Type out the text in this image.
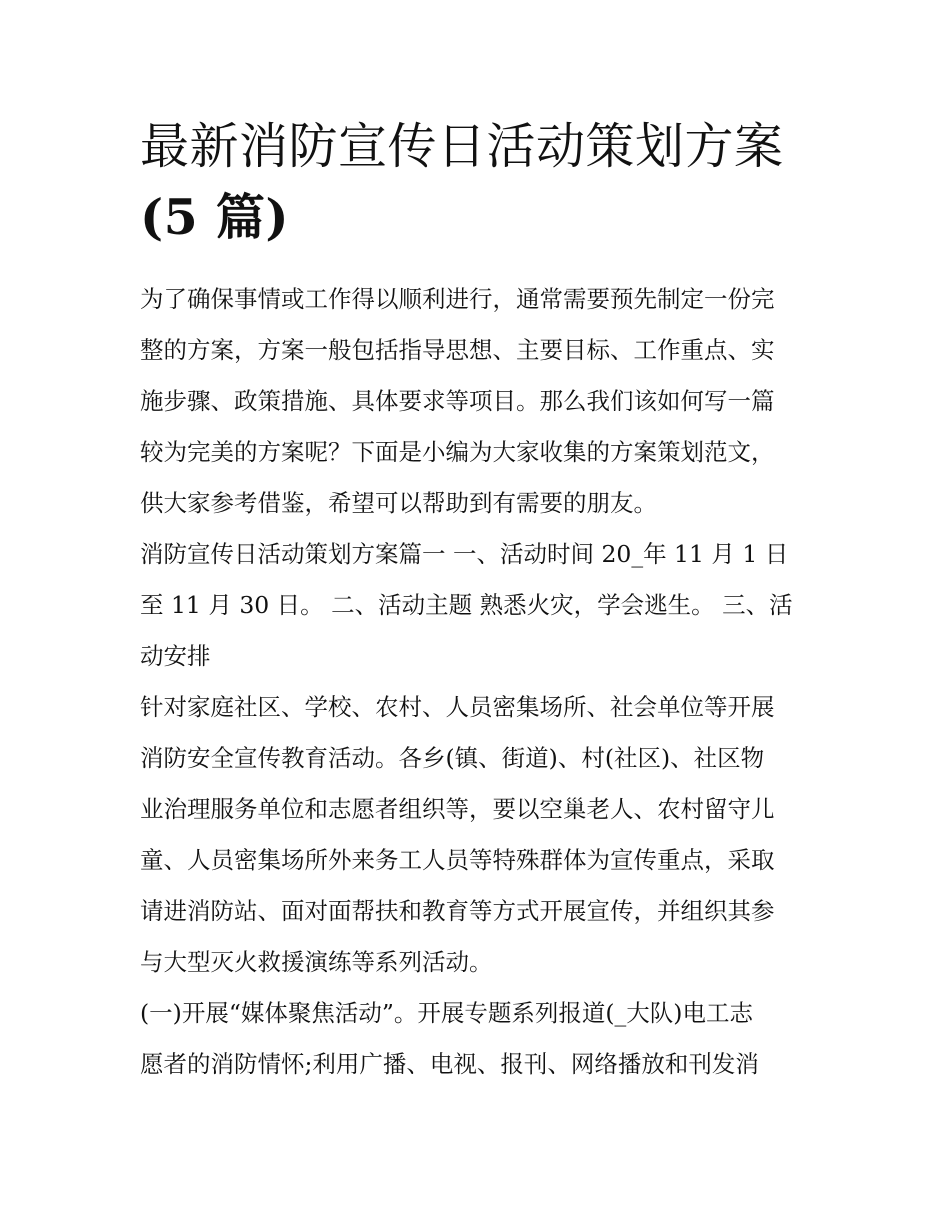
最新消防宣传日活动策划方案
(5 篇)

为了确保事情或工作得以顺利进行，通常需要预先制定一份完
整的方案，方案一般包括指导思想、主要目标、工作重点、实
施步骤、政策措施、具体要求等项目。那么我们该如何写一篇
较为完美的方案呢？下面是小编为大家收集的方案策划范文，
供大家参考借鉴，希望可以帮助到有需要的朋友。

消防宣传日活动策划方案篇一 一、活动时间 20_年 11 月 1 日
至 11 月 30 日。 二、活动主题 熟悉火灾，学会逃生。 三、活
动安排

针对家庭社区、学校、农村、人员密集场所、社会单位等开展
消防安全宣传教育活动。各乡(镇、街道)、村(社区)、社区物
业治理服务单位和志愿者组织等，要以空巢老人、农村留守儿
童、人员密集场所外来务工人员等特殊群体为宣传重点，采取
请进消防站、面对面帮扶和教育等方式开展宣传，并组织其参
与大型灭火救援演练等系列活动。

(一)开展“媒体聚焦活动”。开展专题系列报道(_大队)电工志
愿者的消防情怀;利用广播、电视、报刊、网络播放和刊发消
